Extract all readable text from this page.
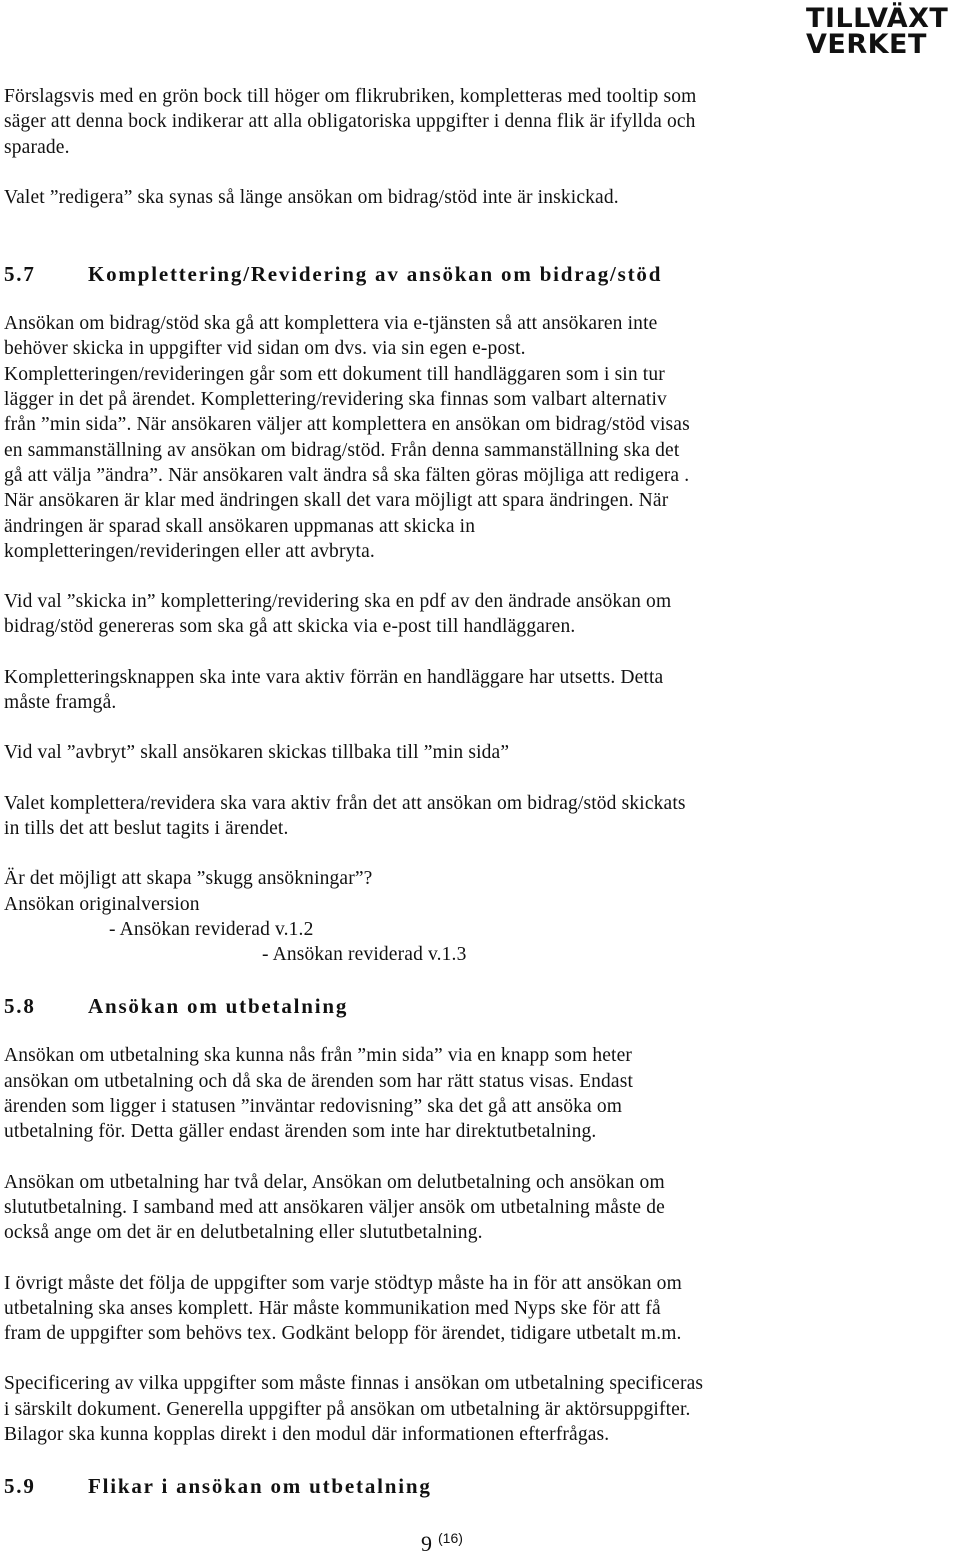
TILLVÄXT
VERKET

Förslagsvis med en grön bock till höger om flikrubriken, kompletteras med tooltip som

säger att denna bock indikerar att alla obligatoriska uppgifter i denna flik är ifyllda och

sparade.

Valet ”redigera” ska synas så länge ansökan om bidrag/stöd inte är inskickad.

5.7 Komplettering/Revidering av ansökan om bidrag/stöd

Ansökan om bidrag/stöd ska gå att komplettera via e-tjänsten så att ansökaren inte

behöver skicka in uppgifter vid sidan om dvs. via sin egen e-post.

Kompletteringen/revideringen går som ett dokument till handläggaren som i sin tur

lägger in det på ärendet. Komplettering/revidering ska finnas som valbart alternativ

från ”min sida”. När ansökaren väljer att komplettera en ansökan om bidrag/stöd visas

en sammanställning av ansökan om bidrag/stöd. Från denna sammanställning ska det

gå att välja ”ändra”. När ansökaren valt ändra så ska fälten göras möjliga att redigera .

När ansökaren är klar med ändringen skall det vara möjligt att spara ändringen. När

ändringen är sparad skall ansökaren uppmanas att skicka in

kompletteringen/revideringen eller att avbryta.

Vid val ”skicka in” komplettering/revidering ska en pdf av den ändrade ansökan om

bidrag/stöd genereras som ska gå att skicka via e-post till handläggaren.

Kompletteringsknappen ska inte vara aktiv förrän en handläggare har utsetts. Detta

måste framgå.

Vid val ”avbryt” skall ansökaren skickas tillbaka till ”min sida”

Valet komplettera/revidera ska vara aktiv från det att ansökan om bidrag/stöd skickats

in tills det att beslut tagits i ärendet.

Är det möjligt att skapa ”skugg ansökningar”?

Ansökan originalversion

- Ansökan reviderad v.1.2

- Ansökan reviderad v.1.3

5.8 Ansökan om utbetalning

Ansökan om utbetalning ska kunna nås från ”min sida” via en knapp som heter

ansökan om utbetalning och då ska de ärenden som har rätt status visas. Endast

ärenden som ligger i statusen ”inväntar redovisning” ska det gå att ansöka om

utbetalning för. Detta gäller endast ärenden som inte har direktutbetalning.

Ansökan om utbetalning har två delar, Ansökan om delutbetalning och ansökan om

slututbetalning. I samband med att ansökaren väljer ansök om utbetalning måste de

också ange om det är en delutbetalning eller slututbetalning.

I övrigt måste det följa de uppgifter som varje stödtyp måste ha in för att ansökan om

utbetalning ska anses komplett. Här måste kommunikation med Nyps ske för att få

fram de uppgifter som behövs tex. Godkänt belopp för ärendet, tidigare utbetalt m.m.

Specificering av vilka uppgifter som måste finnas i ansökan om utbetalning specificeras

i särskilt dokument. Generella uppgifter på ansökan om utbetalning är aktörsuppgifter.

Bilagor ska kunna kopplas direkt i den modul där informationen efterfrågas.

5.9 Flikar i ansökan om utbetalning
9 $^{(16)}$
